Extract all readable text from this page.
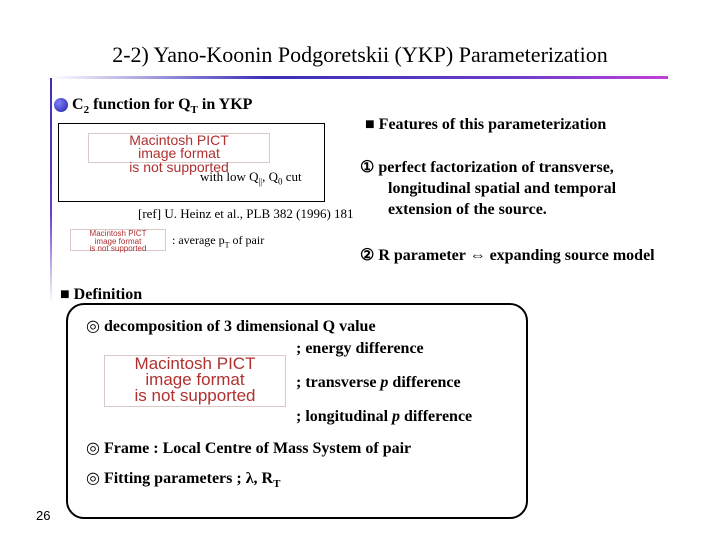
2-2) Yano-Koonin Podgoretskii (YKP) Parameterization
$C_2$ function for $Q_T$ in YKP
Macintosh PICT
image format
is not supported
with low $Q_{||}$, $Q_0$ cut
[ref] U. Heinz et al., PLB 382 (1996) 181
Macintosh PICT
image format
is not supported
: average $p_T$ of pair
■ Features of this parameterization
① perfect factorization of transverse,
longitudinal spatial and temporal
extension of the source.
② R parameter ⇔ expanding source model
■ Definition
◎ decomposition of 3 dimensional Q value
; energy difference
Macintosh PICT
image format
is not supported
; transverse p difference
; longitudinal p difference
◎ Frame : Local Centre of Mass System of pair
◎ Fitting parameters ; λ, $R_T$
26
